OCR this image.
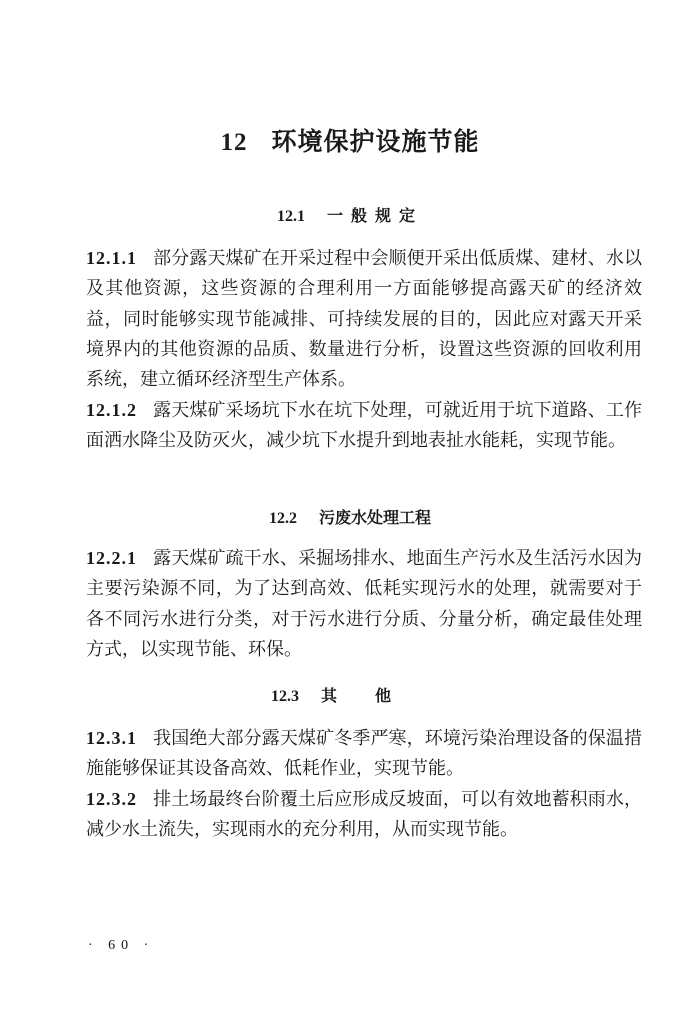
12 环境保护设施节能
12.1 一般规定
12.1.1 部分露天煤矿在开采过程中会顺便开采出低质煤、建材、水以及其他资源，这些资源的合理利用一方面能够提高露天矿的经济效益，同时能够实现节能减排、可持续发展的目的，因此应对露天开采境界内的其他资源的品质、数量进行分析，设置这些资源的回收利用系统，建立循环经济型生产体系。
12.1.2 露天煤矿采场坑下水在坑下处理，可就近用于坑下道路、工作面洒水降尘及防灭火，减少坑下水提升到地表扯水能耗，实现节能。
12.2 污废水处理工程
12.2.1 露天煤矿疏干水、采掘场排水、地面生产污水及生活污水因为主要污染源不同，为了达到高效、低耗实现污水的处理，就需要对于各不同污水进行分类，对于污水进行分质、分量分析，确定最佳处理方式，以实现节能、环保。
12.3 其他
12.3.1 我国绝大部分露天煤矿冬季严寒，环境污染治理设备的保温措施能够保证其设备高效、低耗作业，实现节能。
12.3.2 排土场最终台阶覆土后应形成反坡面，可以有效地蓄积雨水，减少水土流失，实现雨水的充分利用，从而实现节能。
· 60 ·
